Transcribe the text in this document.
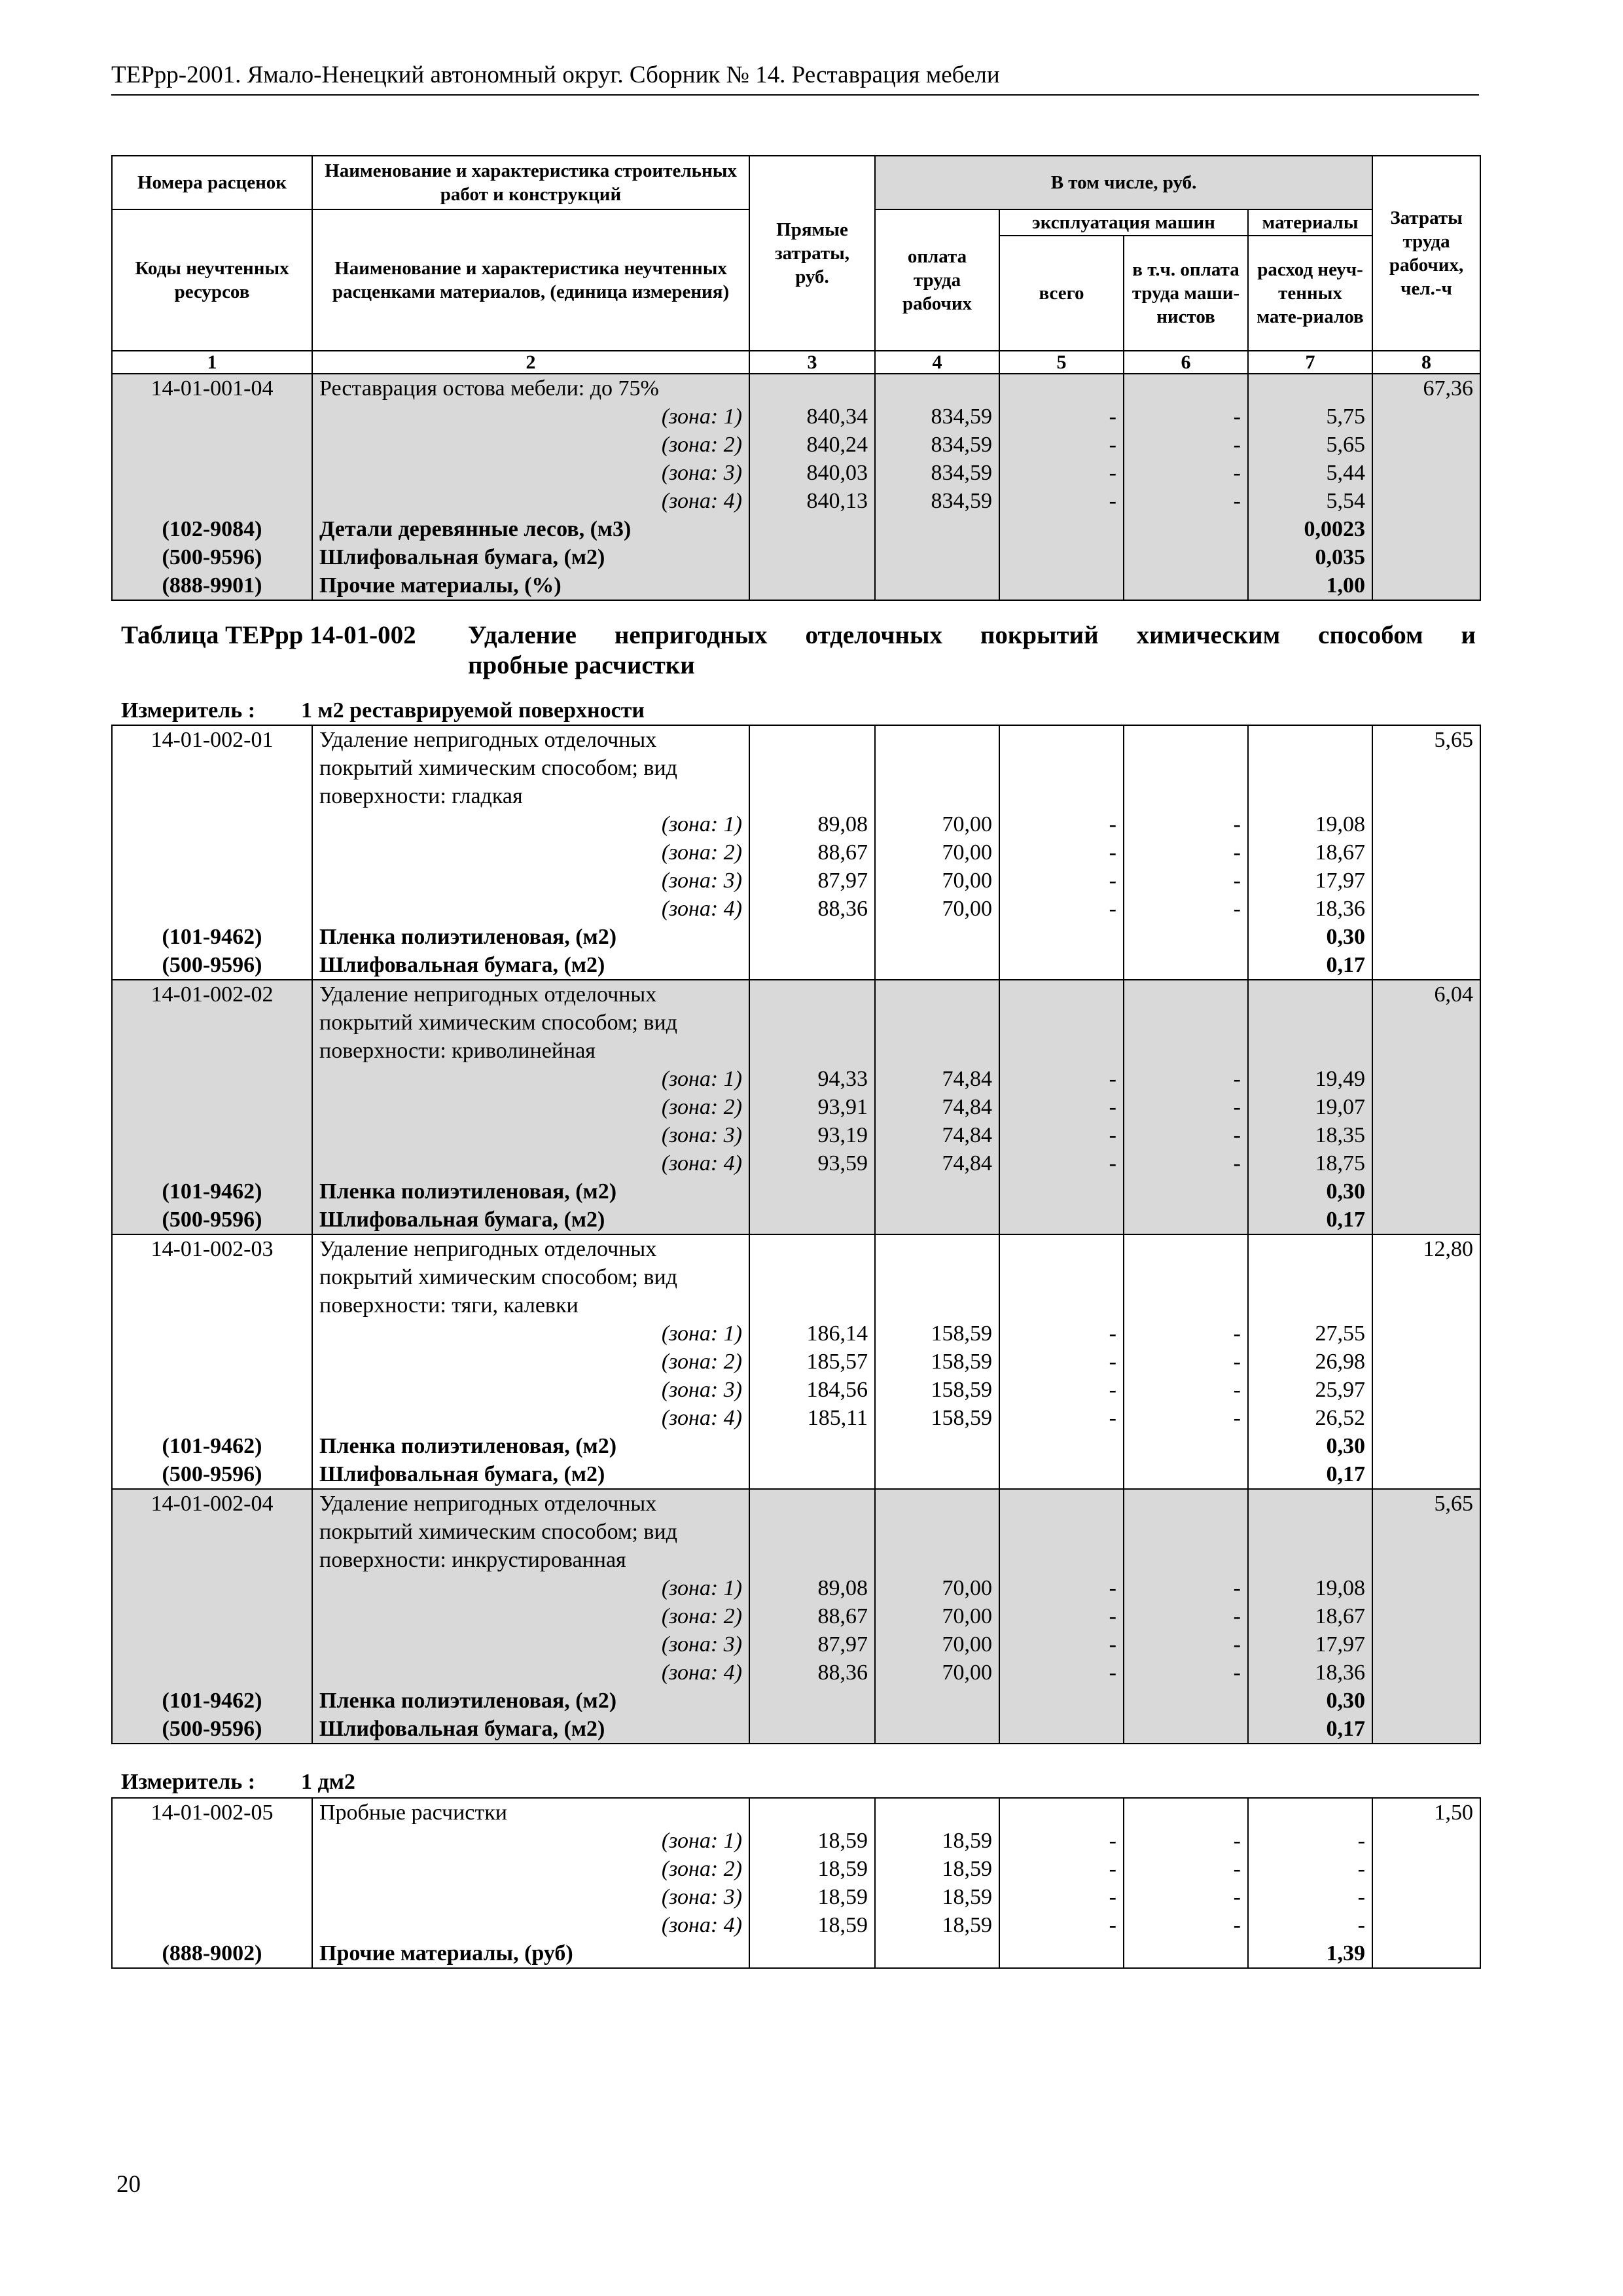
ТЕРрр-2001. Ямало-Ненецкий автономный округ. Сборник № 14. Реставрация мебели
Номера расценок	Наименование и характеристика строительных работ и конструкций	Прямые затраты, руб.	В том числе, руб.				Затраты труда рабочих, чел.-ч
Коды неучтенных ресурсов	Наименование и характеристика неучтенных расценками материалов, (единица измерения)		оплата труда рабочих	эксплуатация машин		материалы	
				всего	в т.ч. оплата труда маши-нистов	расход неуч-тенных мате-риалов	

1	2	3	4	5	6	7	8
14-01-001-04	Реставрация остова мебели: до 75%						67,36
	(зона: 1)	840,34	834,59	-	-	5,75	
	(зона: 2)	840,24	834,59	-	-	5,65	
	(зона: 3)	840,03	834,59	-	-	5,44	
	(зона: 4)	840,13	834,59	-	-	5,54	
(102-9084)	Детали деревянные лесов, (м3)					0,0023	
(500-9596)	Шлифовальная бумага, (м2)					0,035	
(888-9901)	Прочие материалы, (%)					1,00	
Таблица ТЕРрр 14-01-002 Удаление непригодных отделочных покрытий химическим способом и
пробные расчистки
Измеритель : 1 м2 реставрируемой поверхности
14-01-002-01	Удаление непригодных отделочных						5,65
	покрытий химическим способом; вид						
	поверхности: гладкая						
	(зона: 1)	89,08	70,00	-	-	19,08	
	(зона: 2)	88,67	70,00	-	-	18,67	
	(зона: 3)	87,97	70,00	-	-	17,97	
	(зона: 4)	88,36	70,00	-	-	18,36	
(101-9462)	Пленка полиэтиленовая, (м2)					0,30	
(500-9596)	Шлифовальная бумага, (м2)					0,17	
14-01-002-02	Удаление непригодных отделочных						6,04
	покрытий химическим способом; вид						
	поверхности: криволинейная						
	(зона: 1)	94,33	74,84	-	-	19,49	
	(зона: 2)	93,91	74,84	-	-	19,07	
	(зона: 3)	93,19	74,84	-	-	18,35	
	(зона: 4)	93,59	74,84	-	-	18,75	
(101-9462)	Пленка полиэтиленовая, (м2)					0,30	
(500-9596)	Шлифовальная бумага, (м2)					0,17	
14-01-002-03	Удаление непригодных отделочных						12,80
	покрытий химическим способом; вид						
	поверхности: тяги, калевки						
	(зона: 1)	186,14	158,59	-	-	27,55	
	(зона: 2)	185,57	158,59	-	-	26,98	
	(зона: 3)	184,56	158,59	-	-	25,97	
	(зона: 4)	185,11	158,59	-	-	26,52	
(101-9462)	Пленка полиэтиленовая, (м2)					0,30	
(500-9596)	Шлифовальная бумага, (м2)					0,17	
14-01-002-04	Удаление непригодных отделочных						5,65
	покрытий химическим способом; вид						
	поверхности: инкрустированная						
	(зона: 1)	89,08	70,00	-	-	19,08	
	(зона: 2)	88,67	70,00	-	-	18,67	
	(зона: 3)	87,97	70,00	-	-	17,97	
	(зона: 4)	88,36	70,00	-	-	18,36	
(101-9462)	Пленка полиэтиленовая, (м2)					0,30	
(500-9596)	Шлифовальная бумага, (м2)					0,17	
Измеритель : 1 дм2
14-01-002-05	Пробные расчистки						1,50
	(зона: 1)	18,59	18,59	-	-	-	
	(зона: 2)	18,59	18,59	-	-	-	
	(зона: 3)	18,59	18,59	-	-	-	
	(зона: 4)	18,59	18,59	-	-	-	
(888-9002)	Прочие материалы, (руб)					1,39	
20
